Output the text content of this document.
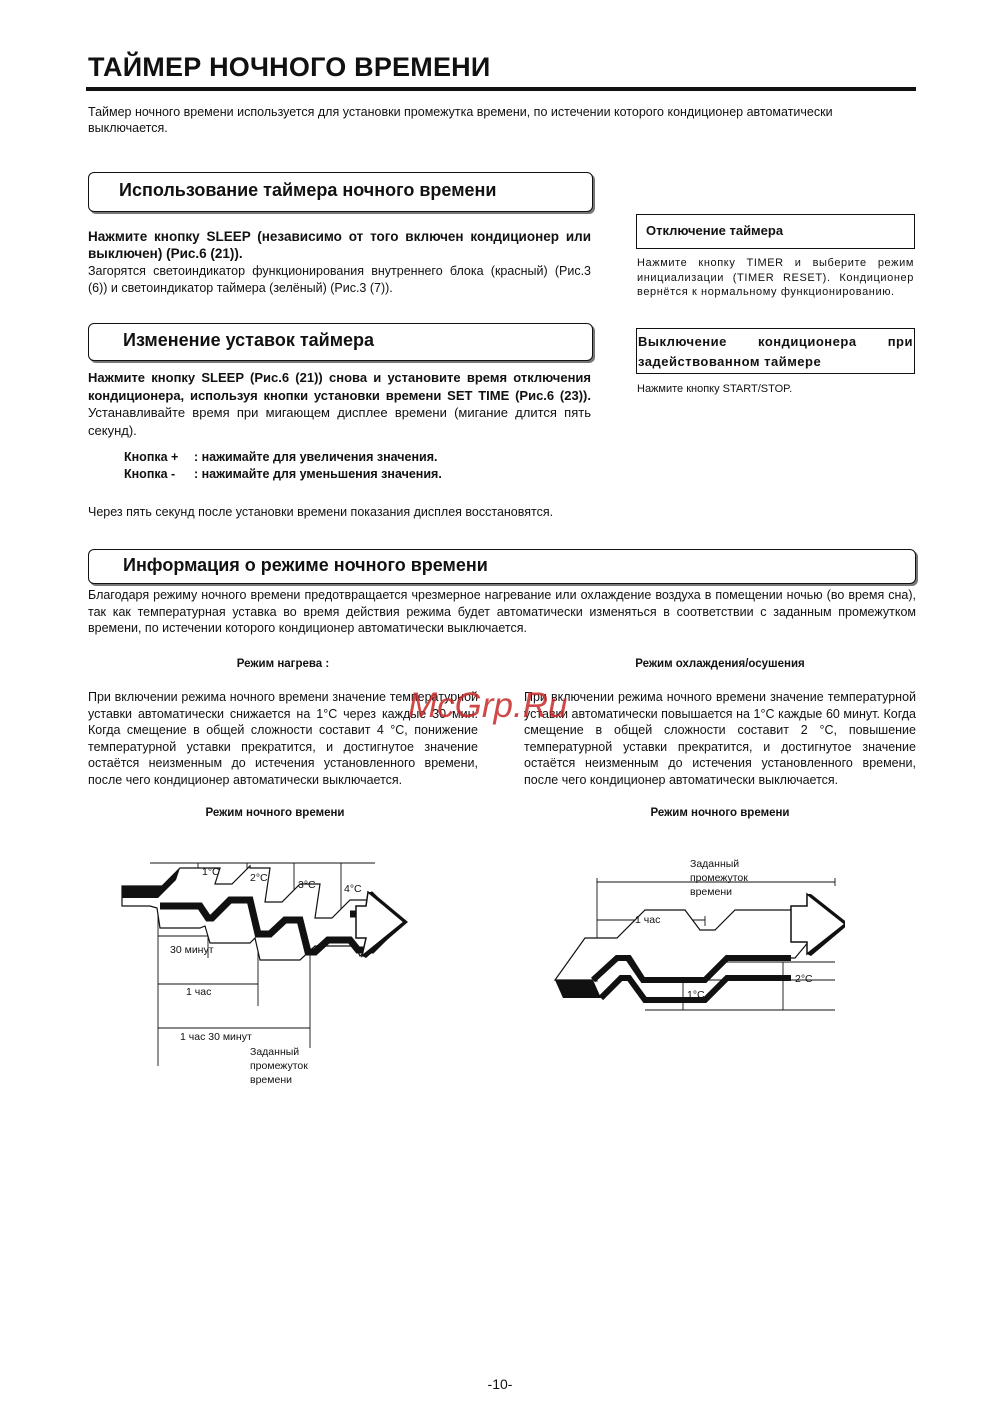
ТАЙМЕР НОЧНОГО ВРЕМЕНИ
Таймер ночного времени используется для установки промежутка времени, по истечении которого кондиционер автоматически выключается.
Использование таймера ночного времени
Нажмите кнопку SLEEP (независимо от того включен кондиционер или выключен) (Рис.6 (21)).
Загорятся светоиндикатор функционирования внутреннего блока (красный) (Рис.3 (6)) и светоиндикатор таймера (зелёный) (Рис.3 (7)).
Изменение уставок таймера
Нажмите кнопку SLEEP (Рис.6 (21)) снова и установите время отключения кондиционера, используя кнопки установки времени SET TIME (Рис.6 (23)). Устанавливайте время при мигающем дисплее времени (мигание длится пять секунд).
Кнопка + : нажимайте для увеличения значения.
Кнопка - : нажимайте для уменьшения значения.
Через пять секунд после установки времени показания дисплея восстановятся.
Отключение таймера
Нажмите кнопку TIMER и выберите режим инициализации (TIMER RESET). Кондиционер вернётся к нормальному функционированию.
Выключение кондиционера при задействованном таймере
Нажмите кнопку START/STOP.
Информация о режиме ночного времени
Благодаря режиму ночного времени предотвращается чрезмерное нагревание или охлаждение воздуха в помещении ночью (во время сна), так как температурная уставка во время действия режима будет автоматически изменяться в соответствии с заданным промежутком времени, по истечении которого кондиционер автоматически выключается.
Режим нагрева :
При включении режима ночного времени значение температурной уставки автоматически снижается на 1°С через каждые 30 мин. Когда смещение в общей сложности составит 4 °С, понижение температурной уставки прекратится, и достигнутое значение остаётся неизменным до истечения установленного времени, после чего кондиционер автоматически выключается.
Режим ночного времени
Режим охлаждения/осушения
При включении режима ночного времени значение температурной уставки автоматически повышается на 1°С каждые 60 минут. Когда смещение в общей сложности составит 2 °С, повышение температурной уставки прекратится, и достигнутое значение остаётся неизменным до истечения установленного времени, после чего кондиционер автоматически выключается.
Режим ночного времени
1°C	2°C
3°C	4°C
30 минут
1 час
1 час 30 минут
Заданный
промежуток
времени
Заданный
промежуток
времени
1 час
1°C
2°C
McGrp.Ru
-10-
